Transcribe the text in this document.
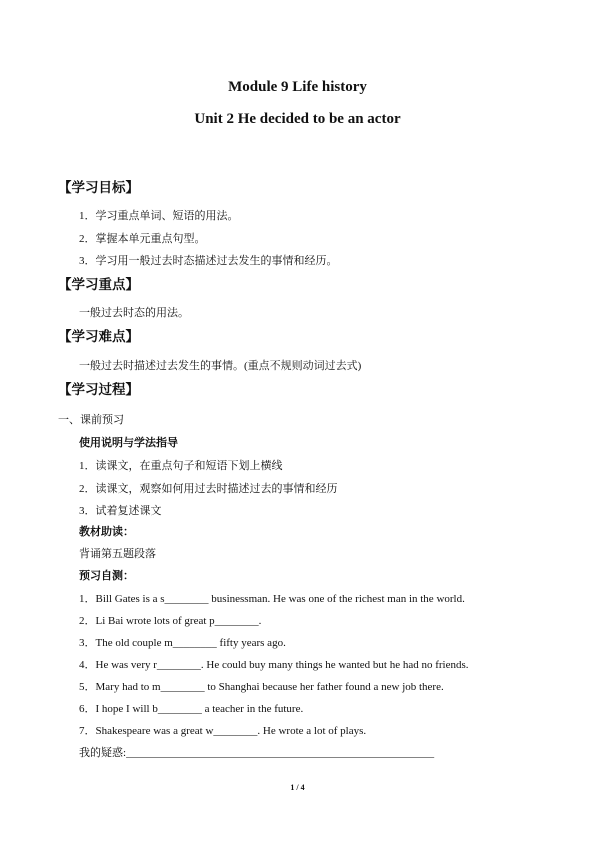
Module 9 Life history
Unit 2 He decided to be an actor
【学习目标】
1．学习重点单词、短语的用法。
2．掌握本单元重点句型。
3．学习用一般过去时态描述过去发生的事情和经历。
【学习重点】
一般过去时态的用法。
【学习难点】
一般过去时描述过去发生的事情。(重点不规则动词过去式)
【学习过程】
一、课前预习
使用说明与学法指导
1．读课文，在重点句子和短语下划上横线
2．读课文，观察如何用过去时描述过去的事情和经历
3．试着复述课文
教材助读：
背诵第五题段落
预习自测：
1．Bill Gates is a s________ businessman. He was one of the richest man in the world.
2．Li Bai wrote lots of great p________.
3．The old couple m________ fifty years ago.
4．He was very r________. He could buy many things he wanted but he had no friends.
5．Mary had to m________ to Shanghai because her father found a new job there.
6．I hope I will b________ a teacher in the future.
7．Shakespeare was a great w________. He wrote a lot of plays.
我的疑惑:________________________________________________________
1 / 4
